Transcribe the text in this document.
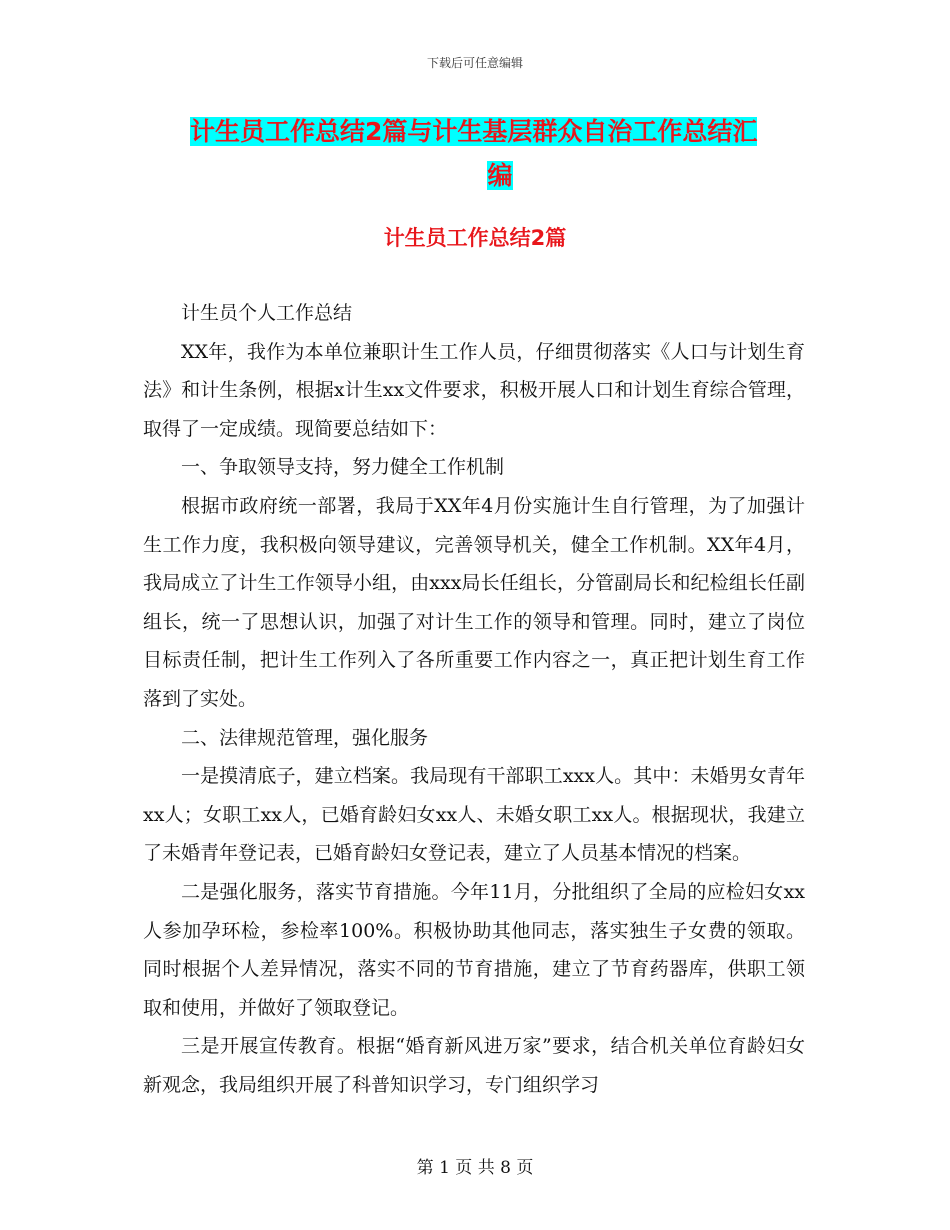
下载后可任意编辑
计生员工作总结2篇与计生基层群众自治工作总结汇

编
计生员工作总结2篇

计生员个人工作总结

XX年，我作为本单位兼职计生工作人员，仔细贯彻落实《人口与计划生育法》和计生条例，根据x计生xx文件要求，积极开展人口和计划生育综合管理，取得了一定成绩。现简要总结如下：

一、争取领导支持，努力健全工作机制

根据市政府统一部署，我局于XX年4月份实施计生自行管理，为了加强计生工作力度，我积极向领导建议，完善领导机关，健全工作机制。XX年4月，我局成立了计生工作领导小组，由xxx局长任组长，分管副局长和纪检组长任副组长，统一了思想认识，加强了对计生工作的领导和管理。同时，建立了岗位目标责任制，把计生工作列入了各所重要工作内容之一，真正把计划生育工作落到了实处。

二、法律规范管理，强化服务

一是摸清底子，建立档案。我局现有干部职工xxx人。其中：未婚男女青年xx人；女职工xx人，已婚育龄妇女xx人、未婚女职工xx人。根据现状，我建立了未婚青年登记表，已婚育龄妇女登记表，建立了人员基本情况的档案。

二是强化服务，落实节育措施。今年11月，分批组织了全局的应检妇女xx人参加孕环检，参检率100%。积极协助其他同志，落实独生子女费的领取。同时根据个人差异情况，落实不同的节育措施，建立了节育药器库，供职工领取和使用，并做好了领取登记。

三是开展宣传教育。根据“婚育新风进万家”要求，结合机关单位育龄妇女新观念，我局组织开展了科普知识学习，专门组织学习

第 1 页 共 8 页
